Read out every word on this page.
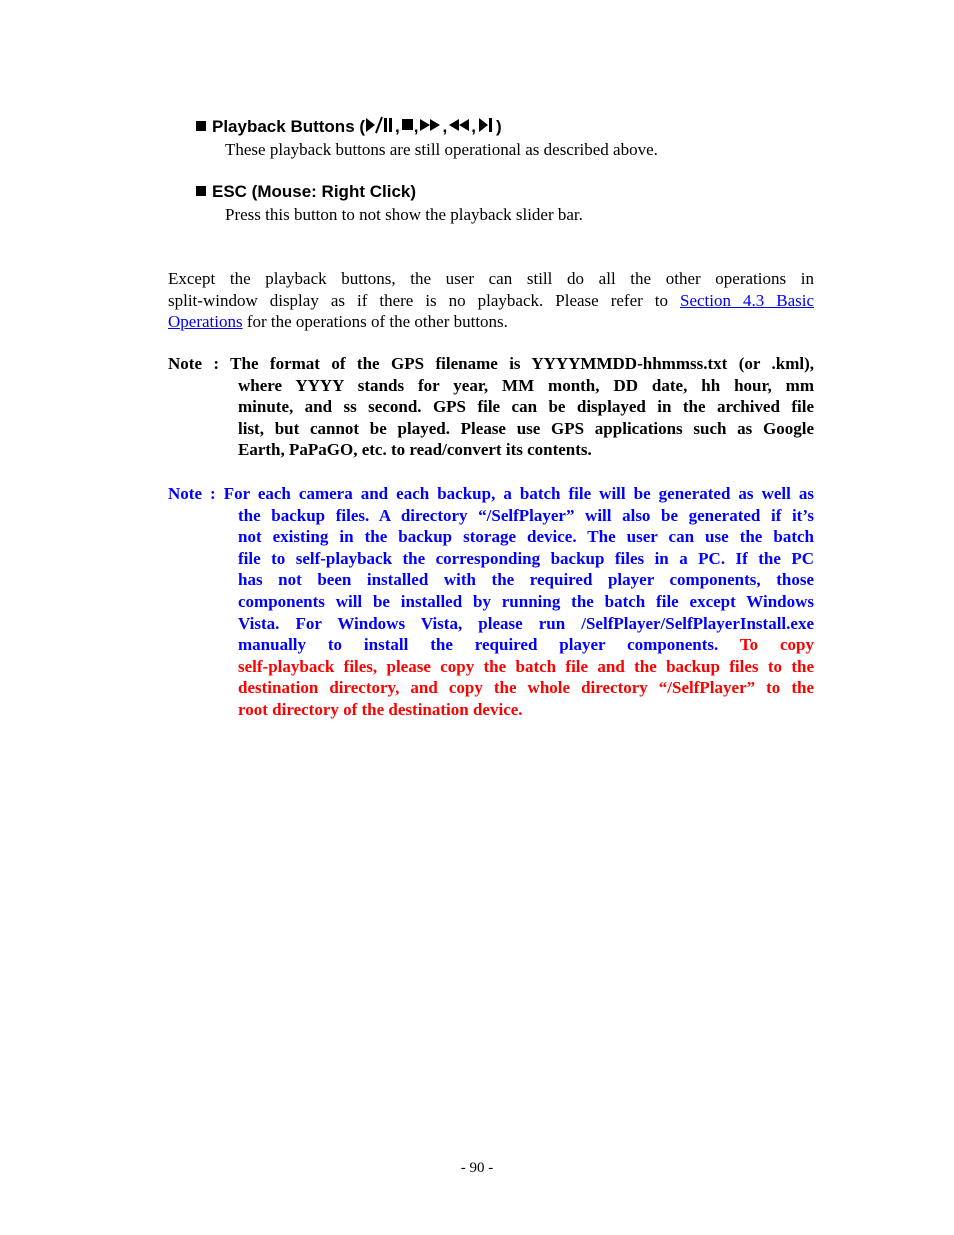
Playback Buttons ( , , , , )
These playback buttons are still operational as described above.
ESC (Mouse: Right Click)
Press this button to not show the playback slider bar.
Except the playback buttons, the user can still do all the other operations in
split-window display as if there is no playback. Please refer to Section 4.3 Basic
Operations for the operations of the other buttons.
Note : The format of the GPS filename is YYYYMMDD-hhmmss.txt (or .kml),
where YYYY stands for year, MM month, DD date, hh hour, mm
minute, and ss second. GPS file can be displayed in the archived file
list, but cannot be played. Please use GPS applications such as Google
Earth, PaPaGO, etc. to read/convert its contents.
Note : For each camera and each backup, a batch file will be generated as well as
the backup files. A directory “/SelfPlayer” will also be generated if it’s
not existing in the backup storage device. The user can use the batch
file to self-playback the corresponding backup files in a PC. If the PC
has not been installed with the required player components, those
components will be installed by running the batch file except Windows
Vista. For Windows Vista, please run /SelfPlayer/SelfPlayerInstall.exe
manually to install the required player components. To copy
self-playback files, please copy the batch file and the backup files to the
destination directory, and copy the whole directory “/SelfPlayer” to the
root directory of the destination device.
- 90 -
